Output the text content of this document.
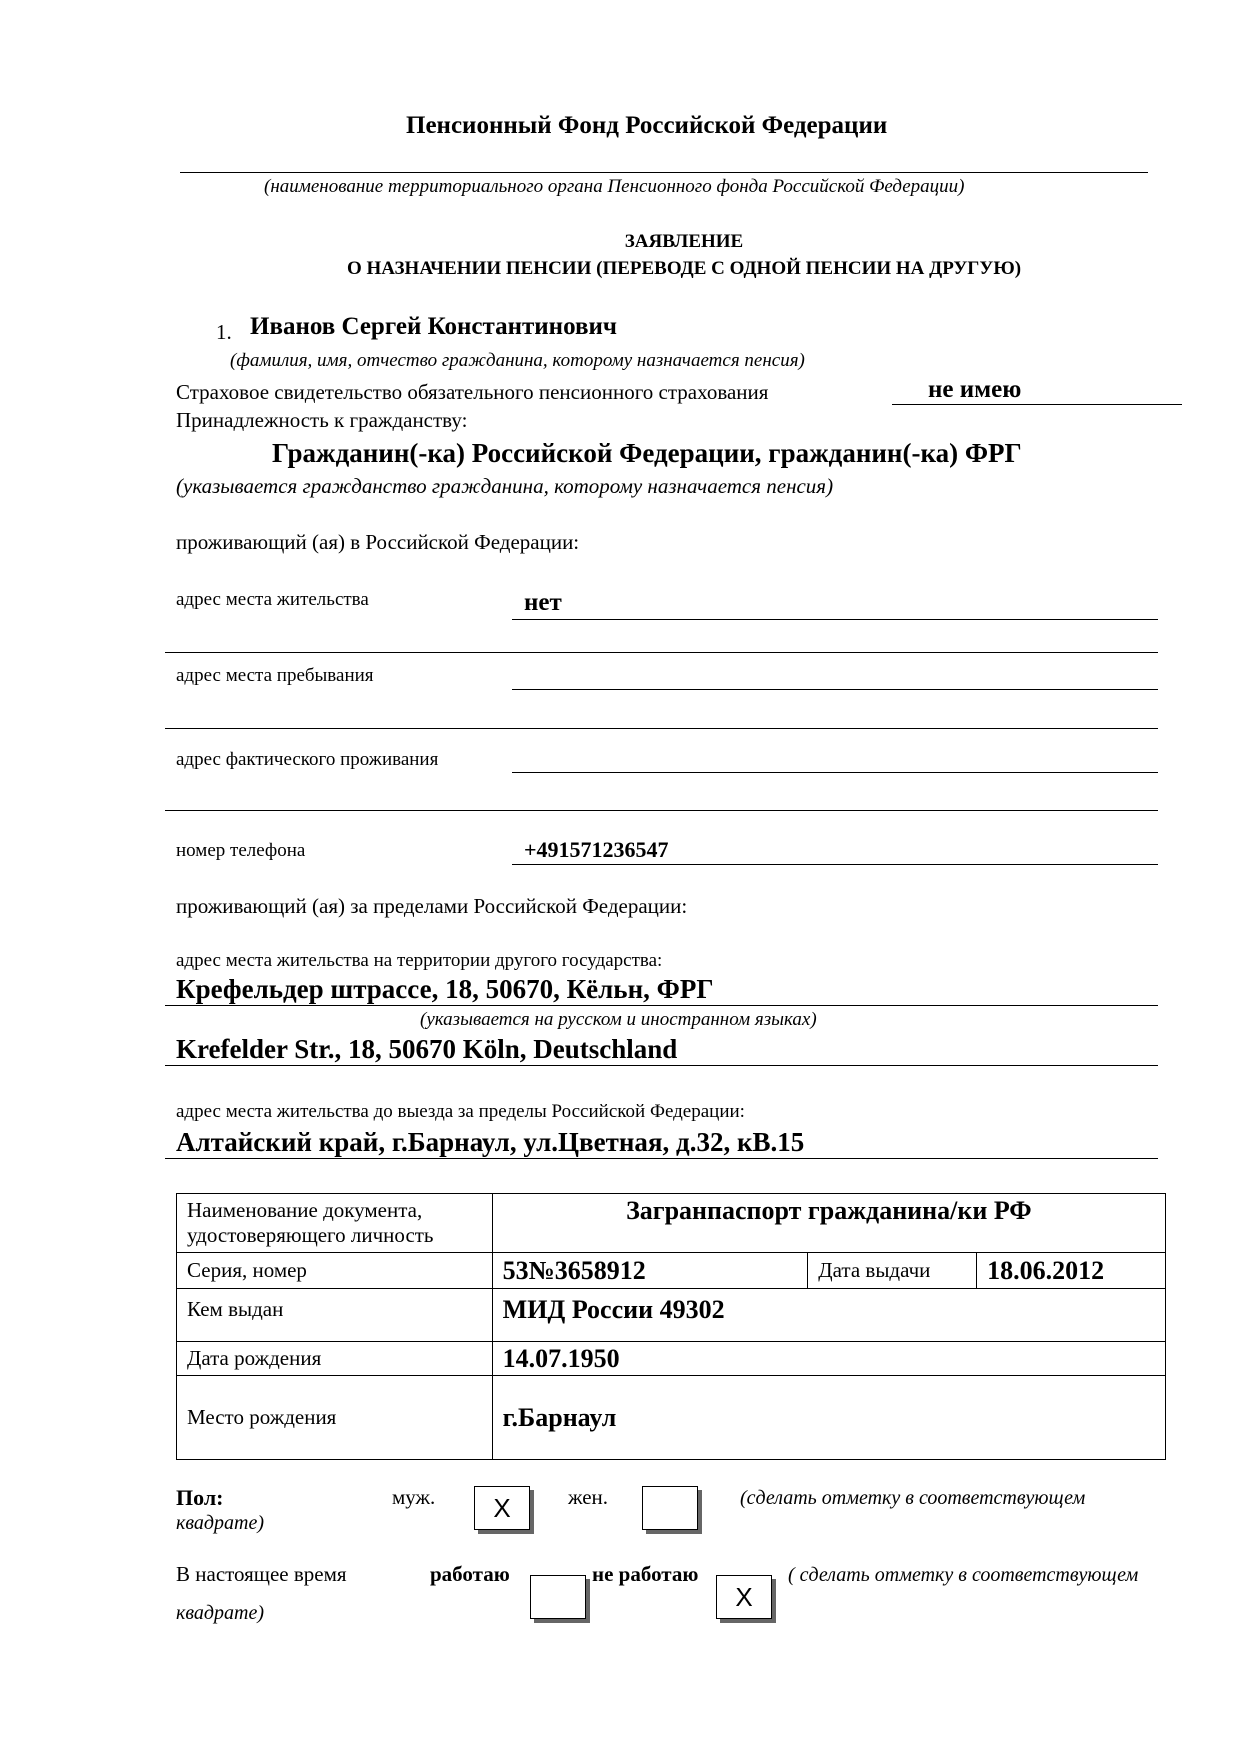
Пенсионный Фонд Российской Федерации
(наименование территориального органа Пенсионного фонда Российской Федерации)
ЗАЯВЛЕНИЕ
О НАЗНАЧЕНИИ ПЕНСИИ (ПЕРЕВОДЕ С ОДНОЙ ПЕНСИИ НА ДРУГУЮ)
1. Иванов Сергей Константинович
(фамилия, имя, отчество гражданина, которому назначается пенсия)
Страховое свидетельство обязательного пенсионного страхования	не имею
Принадлежность к гражданству:
Гражданин(-ка) Российской Федерации, гражданин(-ка) ФРГ
(указывается гражданство гражданина, которому назначается пенсия)
проживающий (ая) в Российской Федерации:
адрес места жительства	нет
адрес места пребывания
адрес фактического проживания
номер телефона	+491571236547
проживающий (ая) за пределами Российской Федерации:
адрес места жительства на территории другого государства:
Крефельдер штрассе, 18, 50670, Кёльн, ФРГ
(указывается на русском и иностранном языках)
Krefelder Str., 18, 50670 Köln, Deutschland
адрес места жительства до выезда за пределы Российской Федерации:
Алтайский край, г.Барнаул, ул.Цветная, д.32, кВ.15
Наименование документа, удостоверяющего личность	Загранпаспорт гражданина/ки РФ		
Серия, номер	53№3658912	Дата выдачи	18.06.2012
Кем выдан	МИД России 49302		
Дата рождения	14.07.1950		
Место рождения	г.Барнаул		
Пол:	муж.	X	жен.	(сделать отметку в соответствующем
квадрате)
В настоящее время	работаю	не работаю
X
( сделать отметку в соответствующем
квадрате)
